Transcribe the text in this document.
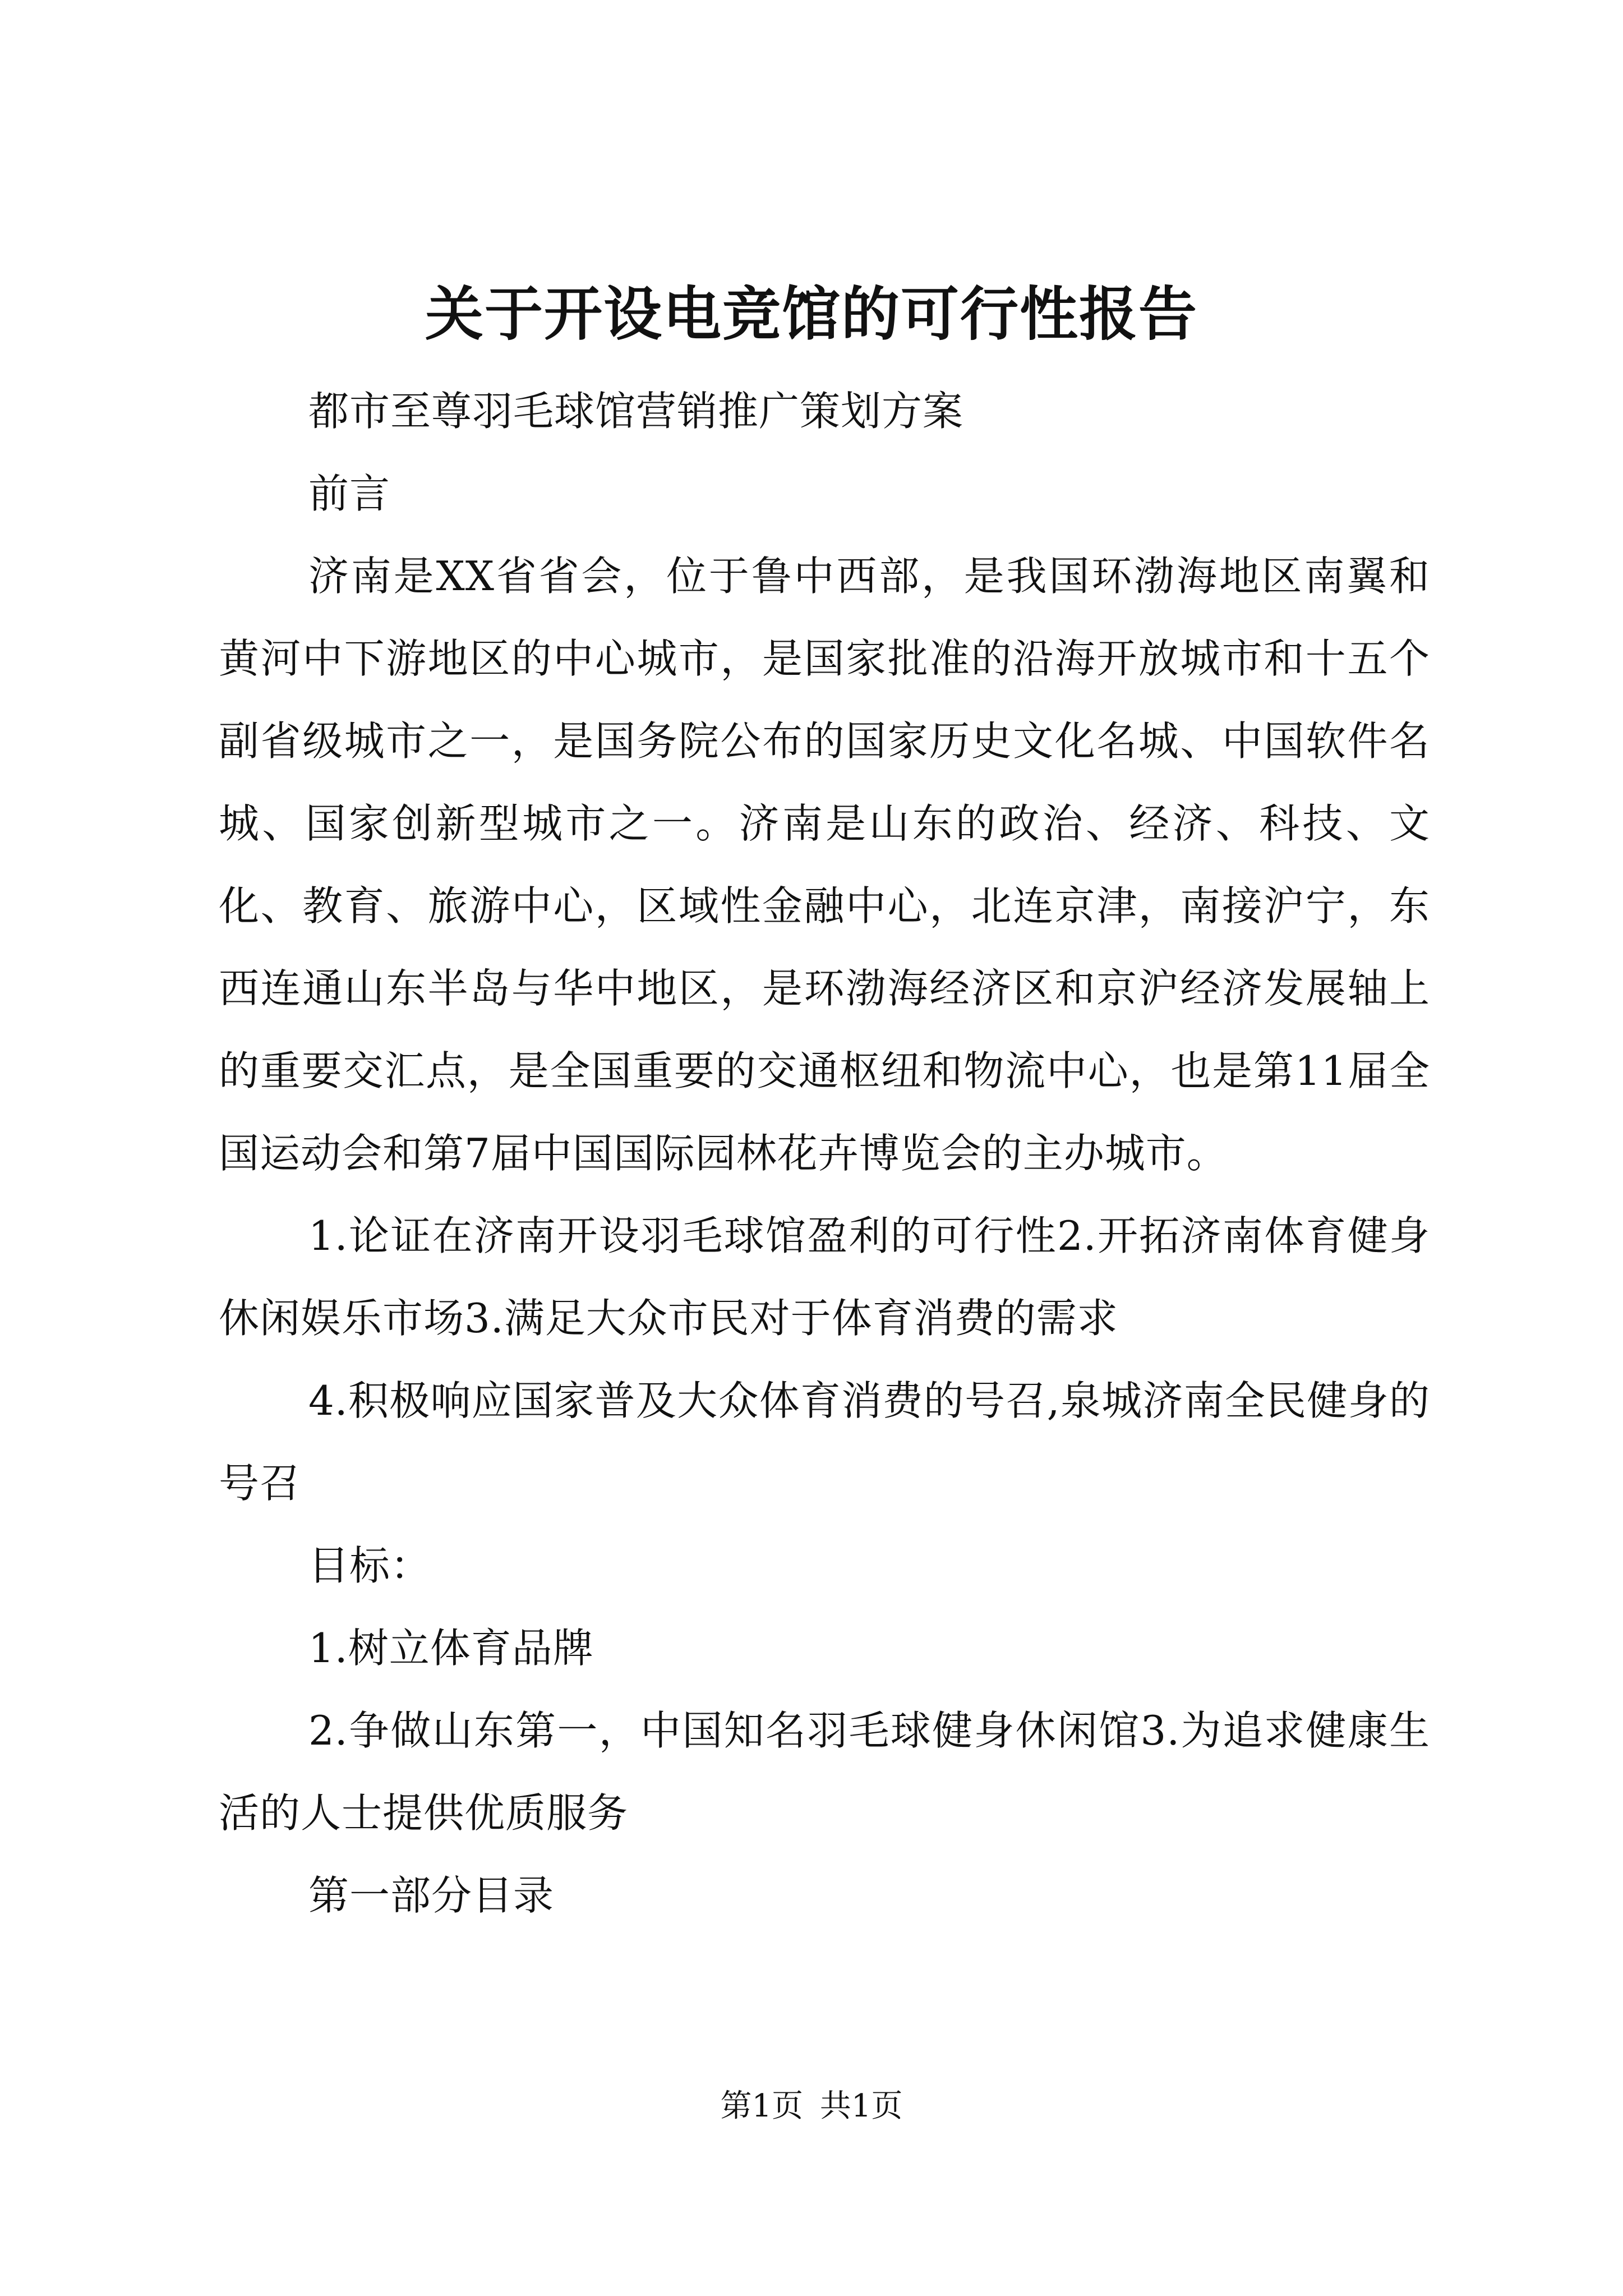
关于开设电竞馆的可行性报告

都市至尊羽毛球馆营销推广策划方案

前言

济南是XX省省会，位于鲁中西部，是我国环渤海地区南翼和黄河中下游地区的中心城市，是国家批准的沿海开放城市和十五个副省级城市之一，是国务院公布的国家历史文化名城、中国软件名城、国家创新型城市之一。济南是山东的政治、经济、科技、文化、教育、旅游中心，区域性金融中心，北连京津，南接沪宁，东西连通山东半岛与华中地区，是环渤海经济区和京沪经济发展轴上的重要交汇点，是全国重要的交通枢纽和物流中心，也是第11届全国运动会和第7届中国国际园林花卉博览会的主办城市。

1.论证在济南开设羽毛球馆盈利的可行性2.开拓济南体育健身休闲娱乐市场3.满足大众市民对于体育消费的需求

4.积极响应国家普及大众体育消费的号召,泉城济南全民健身的号召

目标：

1.树立体育品牌

2.争做山东第一，中国知名羽毛球健身休闲馆3.为追求健康生活的人士提供优质服务

第一部分目录

第1页 共1页
